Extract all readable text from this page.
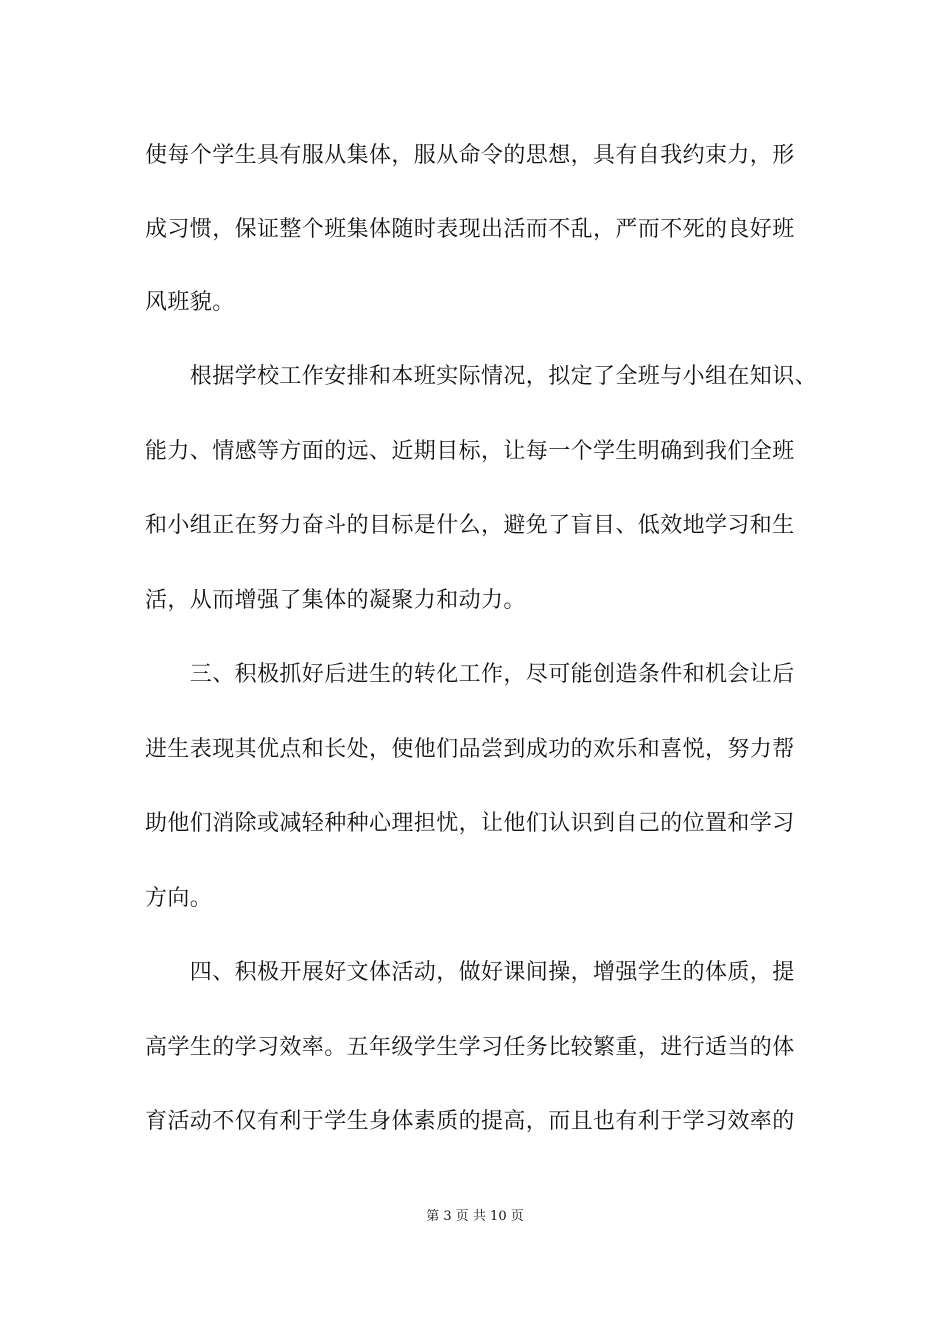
使每个学生具有服从集体，服从命令的思想，具有自我约束力，形
成习惯，保证整个班集体随时表现出活而不乱，严而不死的良好班
风班貌。
　　根据学校工作安排和本班实际情况，拟定了全班与小组在知识、
能力、情感等方面的远、近期目标，让每一个学生明确到我们全班
和小组正在努力奋斗的目标是什么，避免了盲目、低效地学习和生
活，从而增强了集体的凝聚力和动力。
　　三、积极抓好后进生的转化工作，尽可能创造条件和机会让后
进生表现其优点和长处，使他们品尝到成功的欢乐和喜悦，努力帮
助他们消除或减轻种种心理担忧，让他们认识到自己的位置和学习
方向。
　　四、积极开展好文体活动，做好课间操，增强学生的体质，提
高学生的学习效率。五年级学生学习任务比较繁重，进行适当的体
育活动不仅有利于学生身体素质的提高，而且也有利于学习效率的
第 3 页 共 10 页
